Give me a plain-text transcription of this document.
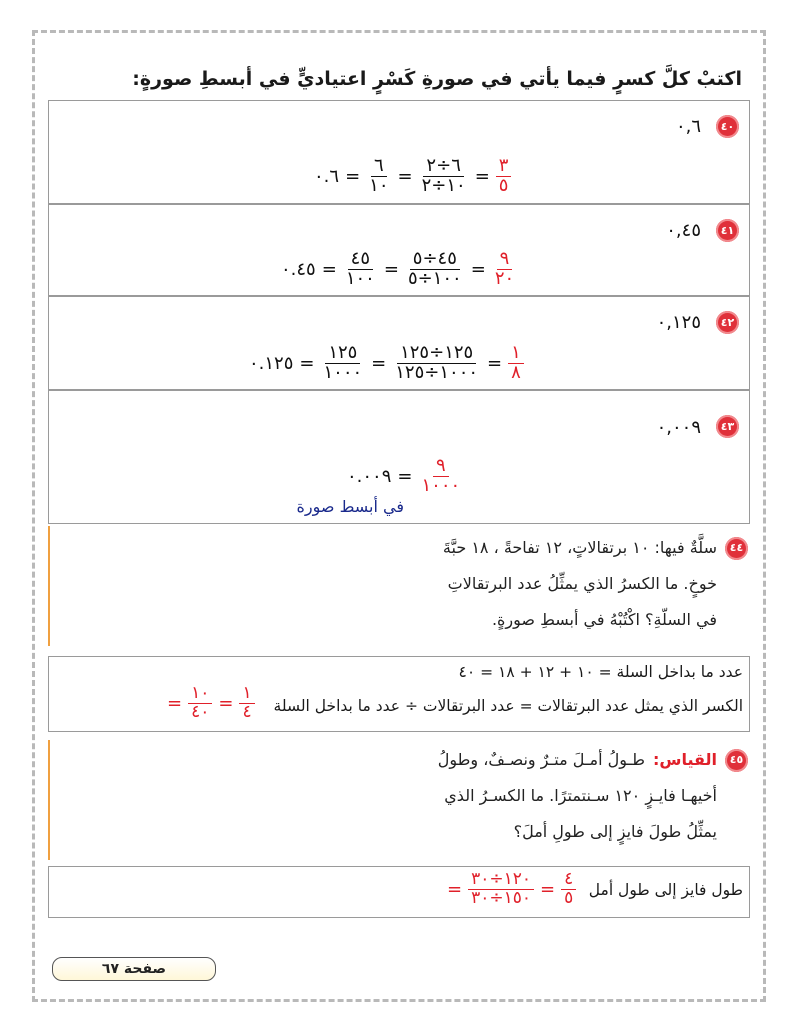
اكتبْ كلَّ كسرٍ فيما يأتي في صورةِ كَسْرٍ اعتياديٍّ في أبسطِ صورةٍ:
٤٠
٠,٦
$\frac{٣}{٥}$
=
$\frac{٦\div ٢}{١٠\div ٢}$
=
$\frac{٦}{١٠}$
=
٠.٦
٤١
٠,٤٥
$\frac{٩}{٢٠}$
=
$\frac{٤٥\div ٥}{١٠٠\div ٥}$
=
$\frac{٤٥}{١٠٠}$
=
٠.٤٥
٤٢
٠,١٢٥
$\frac{١}{٨}$
=
$\frac{١٢٥\div ١٢٥}{١٠٠٠\div ١٢٥}$
=
$\frac{١٢٥}{١٠٠٠}$
=
٠.١٢٥
٤٣
٠,٠٠٩
$\frac{٩}{١٠٠٠}$
=
٠.٠٠٩
في أبسط صورة
٤٤
سلَّةٌ فيها: ١٠ برتقالاتٍ، ١٢ تفاحةً ، ١٨ حبَّةَ
خوخٍ. ما الكسرُ الذي يمثِّلُ عدد البرتقالاتِ
في السلّةِ؟ اكْتُبْهُ في أبسطِ صورةٍ.
عدد ما بداخل السلة = ١٠ + ١٢ + ١٨ = ٤٠
الكسر الذي يمثل عدد البرتقالات = عدد البرتقالات ÷ عدد ما بداخل السلة
$\frac{١}{٤}$
=
$\frac{١٠}{٤٠}$
=
٤٥
القياس:
طـولُ أمـلَ متـرٌ ونصـفٌ، وطولُ
أخيهـا فايـزٍ ١٢٠ سـنتمترًا. ما الكسـرُ الذي
يمثِّلُ طولَ فايزٍ إلى طولِ أملَ؟
طول فايز إلى طول أمل
$\frac{٤}{٥}$
=
$\frac{١٢٠\div ٣٠}{١٥٠\div ٣٠}$
=
صفحة ٦٧
